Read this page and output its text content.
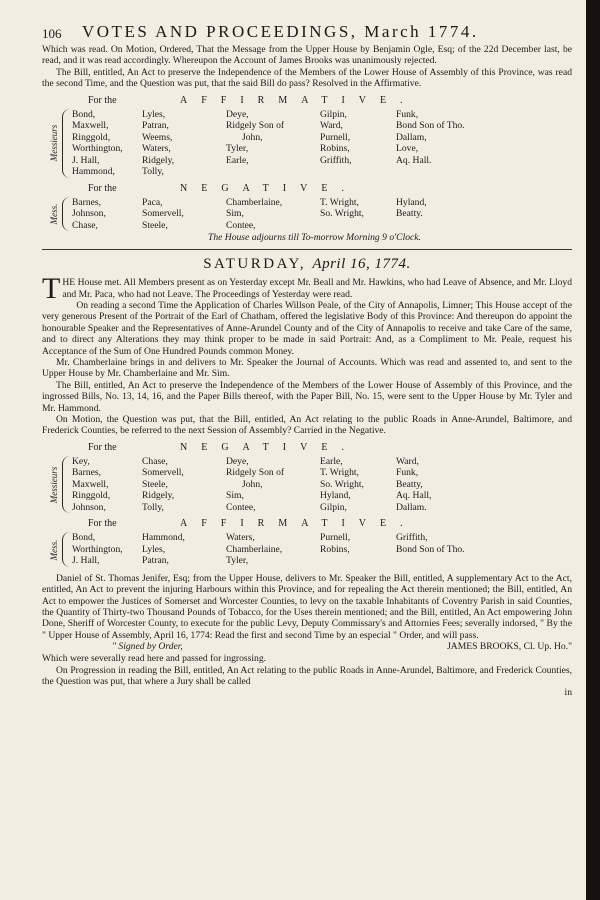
106 VOTES AND PROCEEDINGS, March 1774.

Which was read. On Motion, Ordered, That the Message from the Upper House by Benjamin Ogle, Esq; of the 22d December last, be read, and it was read accordingly. Whereupon the Account of James Brooks was unanimously rejected.

The Bill, entitled, An Act to preserve the Independence of the Members of the Lower House of Assembly of this Province, was read the second Time, and the Question was put, that the said Bill do pass? Resolved in the Affirmative.

For the	AFFIRMATIVE.
Messieurs
Bond,	Lyles,	Deye,	Gilpin,	Funk,
Maxwell,	Patran,	Ridgely Son of	Ward,	Bond Son of Tho.
Ringgold,	Weems,	John,	Purnell,	Dallam,
Worthington,	Waters,	Tyler,	Robins,	Love,
J. Hall,	Ridgely,	Earle,	Griffith,	Aq. Hall.
Hammond,	Tolly,			
For the	NEGATIVE.
Mess.
Barnes,	Paca,	Chamberlaine,	T. Wright,	Hyland,
Johnson,	Somervell,	Sim,	So. Wright,	Beatty.
Chase,	Steele,	Contee,		
The House adjourns till To-morrow Morning 9 o'Clock.
SATURDAY, April 16, 1774.

THE House met. All Members present as on Yesterday except Mr. Beall and Mr. Hawkins, who had Leave of Absence, and Mr. Lloyd and Mr. Paca, who had not Leave. The Proceedings of Yesterday were read.

On reading a second Time the Application of Charles Willson Peale, of the City of Annapolis, Limner; This House accept of the very generous Present of the Portrait of the Earl of Chatham, offered the legislative Body of this Province: And thereupon do appoint the honourable Speaker and the Representatives of Anne-Arundel County and of the City of Annapolis to receive and take Care of the same, and to direct any Alterations they may think proper to be made in said Portrait: And, as a Compliment to Mr. Peale, request his Acceptance of the Sum of One Hundred Pounds common Money.

Mr. Chamberlaine brings in and delivers to Mr. Speaker the Journal of Accounts. Which was read and assented to, and sent to the Upper House by Mr. Chamberlaine and Mr. Sim.

The Bill, entitled, An Act to preserve the Independence of the Members of the Lower House of Assembly of this Province, and the ingrossed Bills, No. 13, 14, 16, and the Paper Bills thereof, with the Paper Bill, No. 15, were sent to the Upper House by Mr. Tyler and Mr. Hammond.

On Motion, the Question was put, that the Bill, entitled, An Act relating to the public Roads in Anne-Arundel, Baltimore, and Frederick Counties, be referred to the next Session of Assembly? Carried in the Negative.

For the	NEGATIVE.
Messieurs
Key,	Chase,	Deye,	Earle,	Ward,
Barnes,	Somervell,	Ridgely Son of	T. Wright,	Funk,
Maxwell,	Steele,	John,	So. Wright,	Beatty,
Ringgold,	Ridgely,	Sim,	Hyland,	Aq. Hall,
Johnson,	Tolly,	Contee,	Gilpin,	Dallam.
For the	AFFIRMATIVE.
Mess.
Bond,	Hammond,	Waters,	Purnell,	Griffith,
Worthington,	Lyles,	Chamberlaine,	Robins,	Bond Son of Tho.
J. Hall,	Patran,	Tyler,		

Daniel of St. Thomas Jenifer, Esq; from the Upper House, delivers to Mr. Speaker the Bill, entitled, A supplementary Act to the Act, entitled, An Act to prevent the injuring Harbours within this Province, and for repealing the Act therein mentioned; the Bill, entitled, An Act to empower the Justices of Somerset and Worcester Counties, to levy on the taxable Inhabitants of Coventry Parish in said Counties, the Quantity of Thirty-two Thousand Pounds of Tobacco, for the Uses therein mentioned; and the Bill, entitled, An Act empowering John Done, Sheriff of Worcester County, to execute for the public Levy, Deputy Commissary's and Attornies Fees; severally indorsed, " By the " Upper House of Assembly, April 16, 1774: Read the first and second Time by an especial " Order, and will pass.

" Signed by Order,	JAMES BROOKS, Cl. Up. Ho."

Which were severally read here and passed for ingrossing.

On Progression in reading the Bill, entitled, An Act relating to the public Roads in Anne-Arundel, Baltimore, and Frederick Counties, the Question was put, that where a Jury shall be called

in
